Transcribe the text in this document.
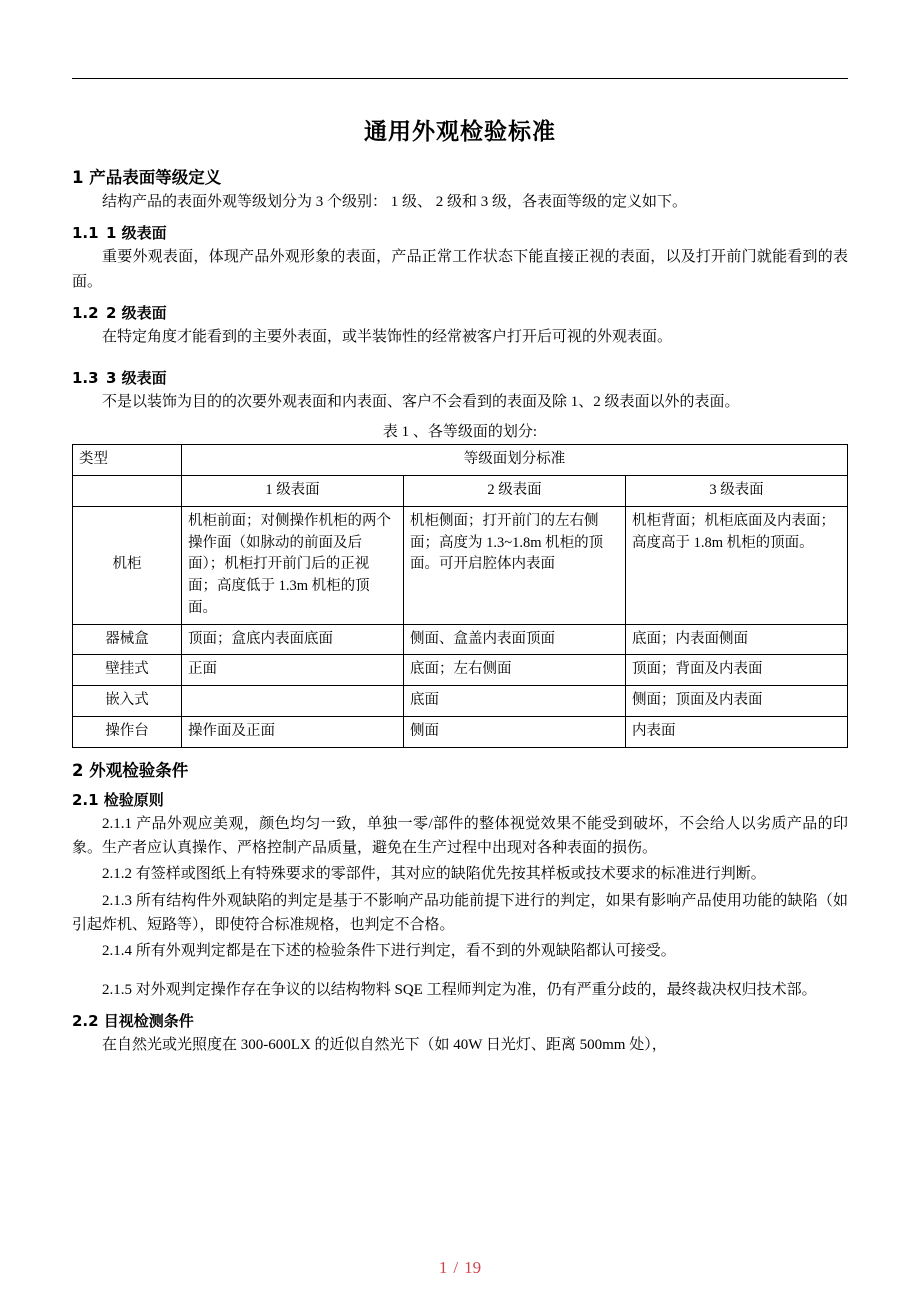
通用外观检验标准
1 产品表面等级定义

结构产品的表面外观等级划分为 3 个级别： 1 级、 2 级和 3 级，各表面等级的定义如下。

1.1 1 级表面

重要外观表面，体现产品外观形象的表面，产品正常工作状态下能直接正视的表面，以及打开前门就能看到的表面。

1.2 2 级表面

在特定角度才能看到的主要外表面，或半装饰性的经常被客户打开后可视的外观表面。

1.3 3 级表面

不是以装饰为目的的次要外观表面和内表面、客户不会看到的表面及除 1、2 级表面以外的表面。

表 1 、各等级面的划分:
类型	等级面划分标准		
	1 级表面	2 级表面	3 级表面
机柜	机柜前面；对侧操作机柜的两个操作面（如脉动的前面及后面）；机柜打开前门后的正视面；高度低于 1.3m 机柜的顶面。	机柜侧面；打开前门的左右侧面；高度为 1.3~1.8m 机柜的顶面。可开启腔体内表面	机柜背面；机柜底面及内表面；高度高于 1.8m 机柜的顶面。
器械盒	顶面；盒底内表面底面	侧面、盒盖内表面顶面	底面；内表面侧面
壁挂式	正面	底面；左右侧面	顶面；背面及内表面
嵌入式		底面	侧面；顶面及内表面
操作台	操作面及正面	侧面	内表面
2 外观检验条件
2.1 检验原则

2.1.1 产品外观应美观，颜色均匀一致，单独一零/部件的整体视觉效果不能受到破坏，不会给人以劣质产品的印象。生产者应认真操作、严格控制产品质量，避免在生产过程中出现对各种表面的损伤。

2.1.2 有签样或图纸上有特殊要求的零部件，其对应的缺陷优先按其样板或技术要求的标准进行判断。

2.1.3 所有结构件外观缺陷的判定是基于不影响产品功能前提下进行的判定，如果有影响产品使用功能的缺陷（如引起炸机、短路等），即使符合标准规格，也判定不合格。

2.1.4 所有外观判定都是在下述的检验条件下进行判定，看不到的外观缺陷都认可接受。

2.1.5 对外观判定操作存在争议的以结构物料 SQE 工程师判定为准，仍有严重分歧的，最终裁决权归技术部。

2.2 目视检测条件

在自然光或光照度在 300-600LX 的近似自然光下（如 40W 日光灯、距离 500mm 处），

1 / 19
